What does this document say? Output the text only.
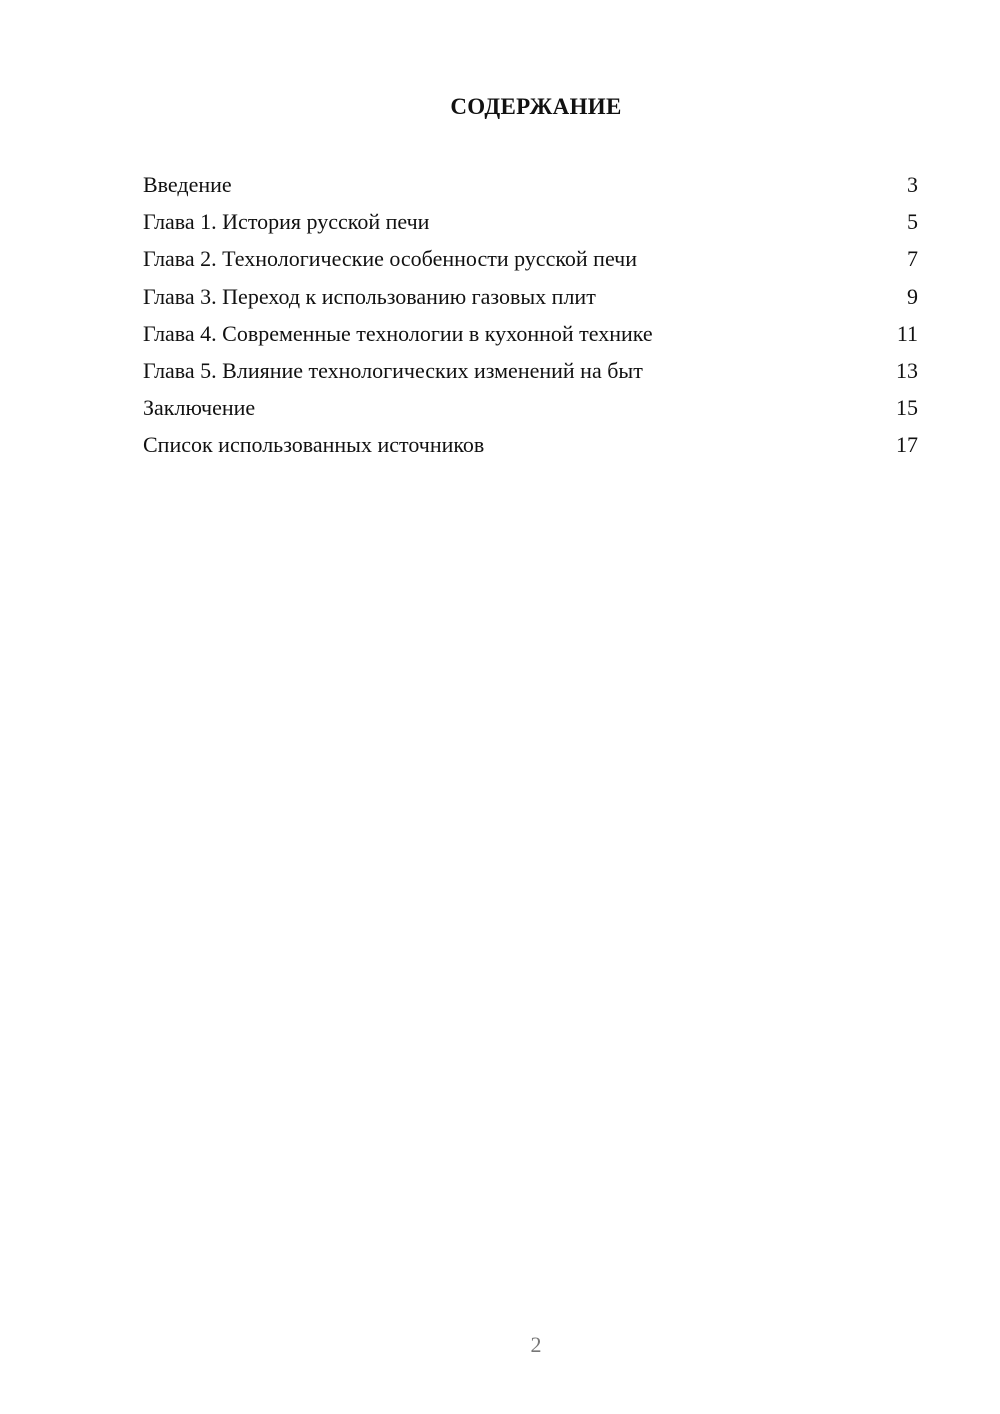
СОДЕРЖАНИЕ
Введение	3
Глава 1. История русской печи	5
Глава 2. Технологические особенности русской печи	7
Глава 3. Переход к использованию газовых плит	9
Глава 4. Современные технологии в кухонной технике	11
Глава 5. Влияние технологических изменений на быт	13
Заключение	15
Список использованных источников	17
2
